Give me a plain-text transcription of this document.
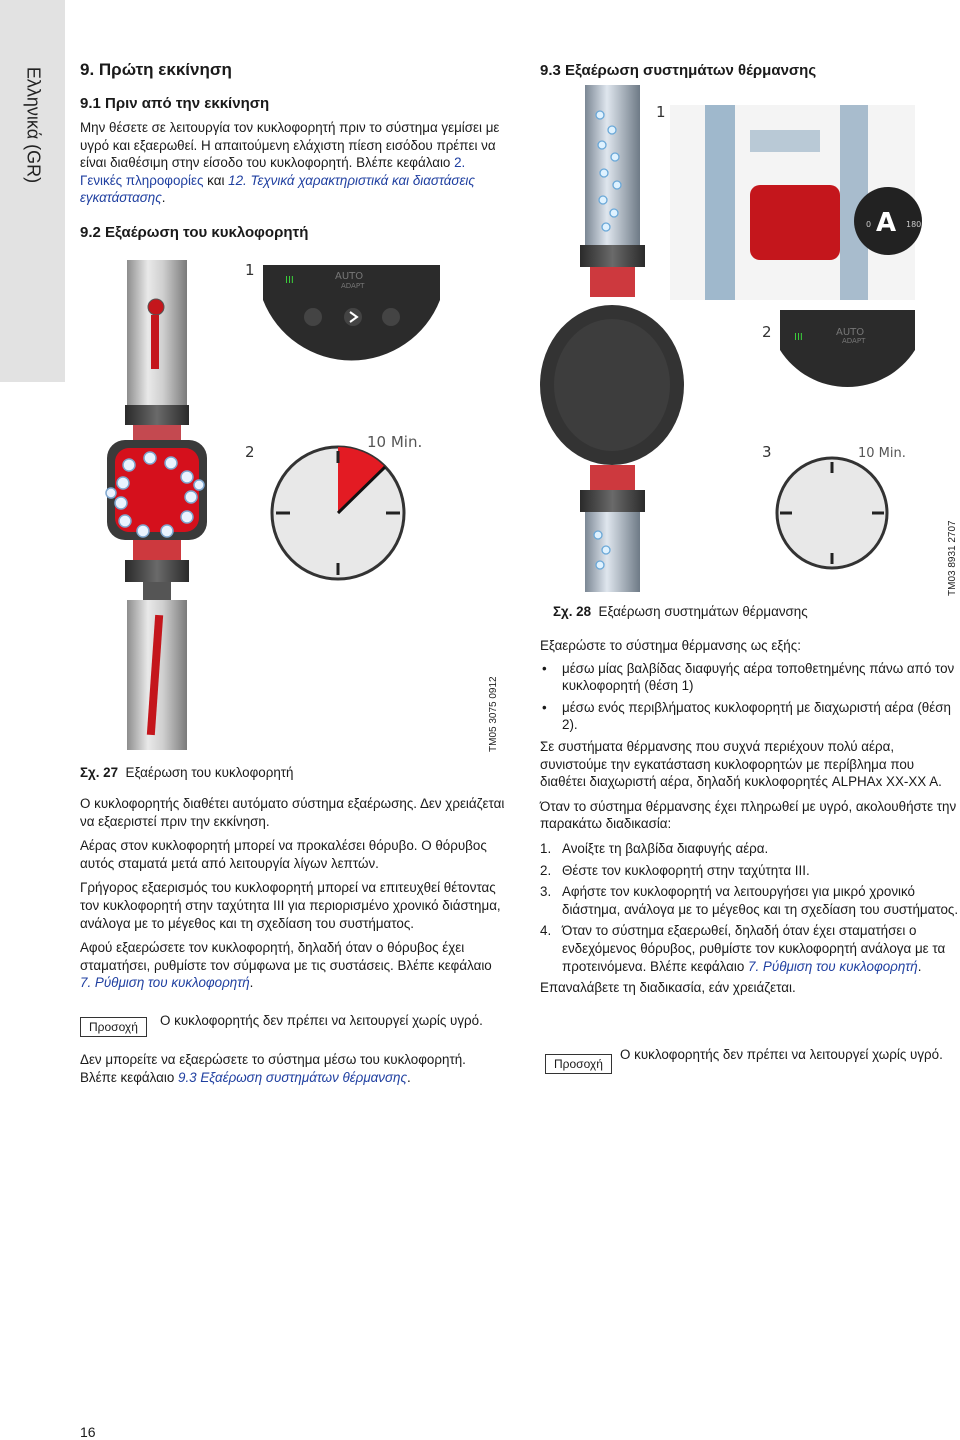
Ελληνικά (GR) 9. Πρώτη εκκίνηση
9.1 Πριν από την εκκίνηση

Μην θέσετε σε λειτουργία τον κυκλοφορητή πριν το σύστημα γεμίσει με υγρό και εξαερωθεί. Η απαιτούμενη ελάχιστη πίεση εισόδου πρέπει να είναι διαθέσιμη στην είσοδο του κυκλοφορητή. Βλέπε κεφάλαιο 2. Γενικές πληροφορίες και 12. Τεχνικά χαρακτηριστικά και διαστάσεις εγκατάστασης.

9.2 Εξαέρωση του κυκλοφορητή
III	AUTO
ADAPT
1
2
10 Min.
TM05 3075 0912
Σχ. 27 Εξαέρωση του κυκλοφορητή

Ο κυκλοφορητής διαθέτει αυτόματο σύστημα εξαέρωσης. Δεν χρειάζεται να εξαεριστεί πριν την εκκίνηση.

Αέρας στον κυκλοφορητή μπορεί να προκαλέσει θόρυβο. Ο θόρυβος αυτός σταματά μετά από λειτουργία λίγων λεπτών.

Γρήγορος εξαερισμός του κυκλοφορητή μπορεί να επιτευχθεί θέτοντας τον κυκλοφορητή στην ταχύτητα III για περιορισμένο χρονικό διάστημα, ανάλογα με το μέγεθος και τη σχεδίαση του συστήματος.

Αφού εξαερώσετε τον κυκλοφορητή, δηλαδή όταν ο θόρυβος έχει σταματήσει, ρυθμίστε τον σύμφωνα με τις συστάσεις. Βλέπε κεφάλαιο 7. Ρύθμιση του κυκλοφορητή.

Προσοχή	Ο κυκλοφορητής δεν πρέπει να λειτουργεί χωρίς υγρό.

Δεν μπορείτε να εξαερώσετε το σύστημα μέσω του κυκλοφορητή. Βλέπε κεφάλαιο 9.3 Εξαέρωση συστημάτων θέρμανσης.

9.3 Εξαέρωση συστημάτων θέρμανσης
A
0	180
1
III	AUTO
ADAPT
2
3	10 Min.
TM03 8931 2707
Σχ. 28 Εξαέρωση συστημάτων θέρμανσης

Εξαερώστε το σύστημα θέρμανσης ως εξής:

• μέσω μίας βαλβίδας διαφυγής αέρα τοποθετημένης πάνω από τον κυκλοφορητή (θέση 1)
• μέσω ενός περιβλήματος κυκλοφορητή με διαχωριστή αέρα (θέση 2).

Σε συστήματα θέρμανσης που συχνά περιέχουν πολύ αέρα, συνιστούμε την εγκατάσταση κυκλοφορητών με περίβλημα που διαθέτει διαχωριστή αέρα, δηλαδή κυκλοφορητές ALPHAx XX-XX A.

Όταν το σύστημα θέρμανσης έχει πληρωθεί με υγρό, ακολουθήστε την παρακάτω διαδικασία:

1. Ανοίξτε τη βαλβίδα διαφυγής αέρα.
2. Θέστε τον κυκλοφορητή στην ταχύτητα III.
3. Αφήστε τον κυκλοφορητή να λειτουργήσει για μικρό χρονικό διάστημα, ανάλογα με το μέγεθος και τη σχεδίαση του συστήματος.
4. Όταν το σύστημα εξαερωθεί, δηλαδή όταν έχει σταματήσει ο ενδεχόμενος θόρυβος, ρυθμίστε τον κυκλοφορητή ανάλογα με τα προτεινόμενα. Βλέπε κεφάλαιο 7. Ρύθμιση του κυκλοφορητή.

Επαναλάβετε τη διαδικασία, εάν χρειάζεται.

Προσοχή

Ο κυκλοφορητής δεν πρέπει να λειτουργεί χωρίς υγρό.

16
